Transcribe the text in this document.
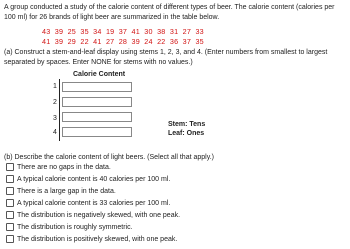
A group conducted a study of the calorie content of different types of beer. The calorie content (calories per 100 ml) for 26 brands of light beer are summarized in the table below.
43  39  25  35  34  19  37  41  30  38  31  27  33
41  39  29  22  41  27  28  39  24  22  36  37  35
(a) Construct a stem-and-leaf display using stems 1, 2, 3, and 4. (Enter numbers from smallest to largest separated by spaces. Enter NONE for stems with no values.)
Calorie Content
1
2
3
4
Stem: Tens
Leaf: Ones
(b) Describe the calorie content of light beers. (Select all that apply.)
There are no gaps in the data.
A typical calorie content is 40 calories per 100 ml.
There is a large gap in the data.
A typical calorie content is 33 calories per 100 ml.
The distribution is negatively skewed, with one peak.
The distribution is roughly symmetric.
The distribution is positively skewed, with one peak.
